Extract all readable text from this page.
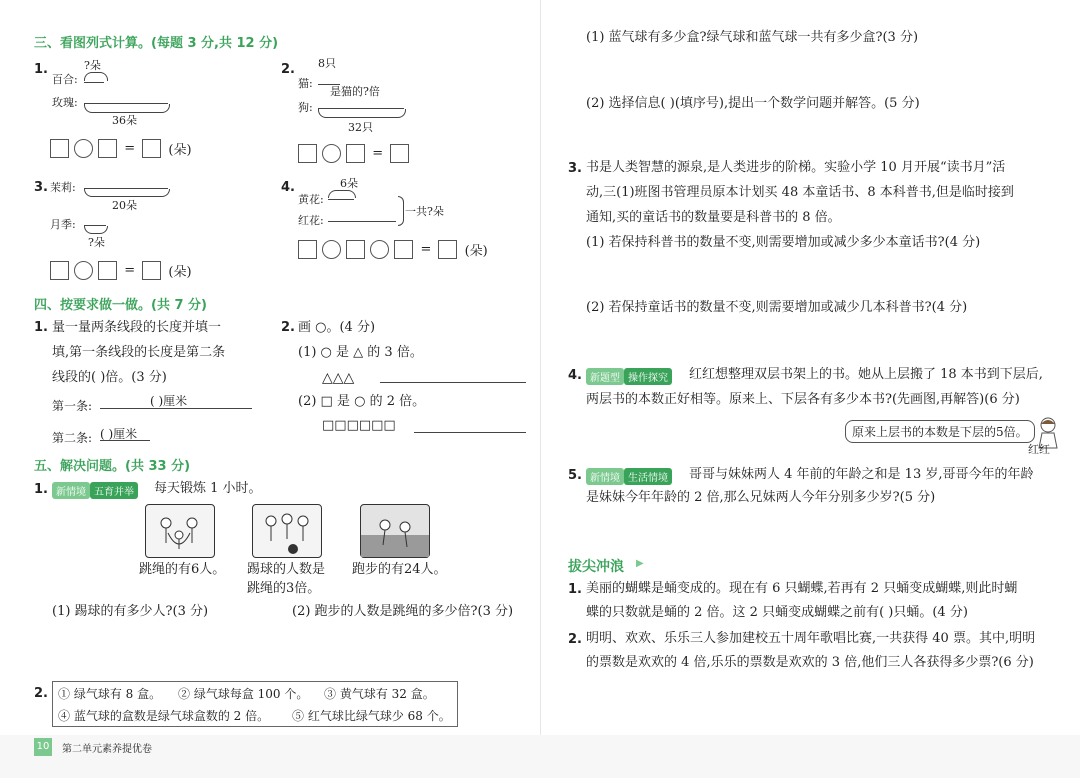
三、看图列式计算。(每题 3 分,共 12 分)
1.	?朵
百合:
玫瑰:
36朵
=	(朵)
2. 8只
猫:
是猫的?倍
狗:
32只
=
3. 茉莉:
20朵
月季:
?朵
=	(朵)
4.	6朵
黄花:
红花:
一共?朵
=	(朵)
四、按要求做一做。(共 7 分)
1. 量一量两条线段的长度并填一
填,第一条线段的长度是第二条
线段的( )倍。(3 分)
第一条:	( )厘米
第二条: ( )厘米
2. 画 ○。(4 分)
(1) ○ 是 △ 的 3 倍。
△△△
(2) □ 是 ○ 的 2 倍。
□□□□□□
五、解决问题。(共 33 分)
1. 新情境 五育并举	每天锻炼 1 小时。
跳绳的有6人。 踢球的人数是
跳绳的3倍。
跑步的有24人。
(1) 踢球的有多少人?(3 分)	(2) 跑步的人数是跳绳的多少倍?(3 分)
2. ① 绿气球有 8 盒。 ② 绿气球每盒 100 个。 ③ 黄气球有 32 盒。
④ 蓝气球的盒数是绿气球盒数的 2 倍。 ⑤ 红气球比绿气球少 68 个。
10 第二单元素养提优卷
(1) 蓝气球有多少盒?绿气球和蓝气球一共有多少盒?(3 分)
(2) 选择信息( )(填序号),提出一个数学问题并解答。(5 分)
3. 书是人类智慧的源泉,是人类进步的阶梯。实验小学 10 月开展“读书月”活
动,三(1)班图书管理员原本计划买 48 本童话书、8 本科普书,但是临时接到
通知,买的童话书的数量要是科普书的 8 倍。
(1) 若保持科普书的数量不变,则需要增加或减少多少本童话书?(4 分)
(2) 若保持童话书的数量不变,则需要增加或减少几本科普书?(4 分)
4. 新题型 操作探究	红红想整理双层书架上的书。她从上层搬了 18 本书到下层后,
两层书的本数正好相等。原来上、下层各有多少本书?(先画图,再解答)(6 分)
原来上层书的本数是下层的5倍。
红红
5. 新情境 生活情境	哥哥与妹妹两人 4 年前的年龄之和是 13 岁,哥哥今年的年龄
是妹妹今年年龄的 2 倍,那么兄妹两人今年分别多少岁?(5 分)
拔尖冲浪 ▶
1. 美丽的蝴蝶是蛹变成的。现在有 6 只蝴蝶,若再有 2 只蛹变成蝴蝶,则此时蝴
蝶的只数就是蛹的 2 倍。这 2 只蛹变成蝴蝶之前有( )只蛹。(4 分)
2. 明明、欢欢、乐乐三人参加建校五十周年歌唱比赛,一共获得 40 票。其中,明明
的票数是欢欢的 4 倍,乐乐的票数是欢欢的 3 倍,他们三人各获得多少票?(6 分)
